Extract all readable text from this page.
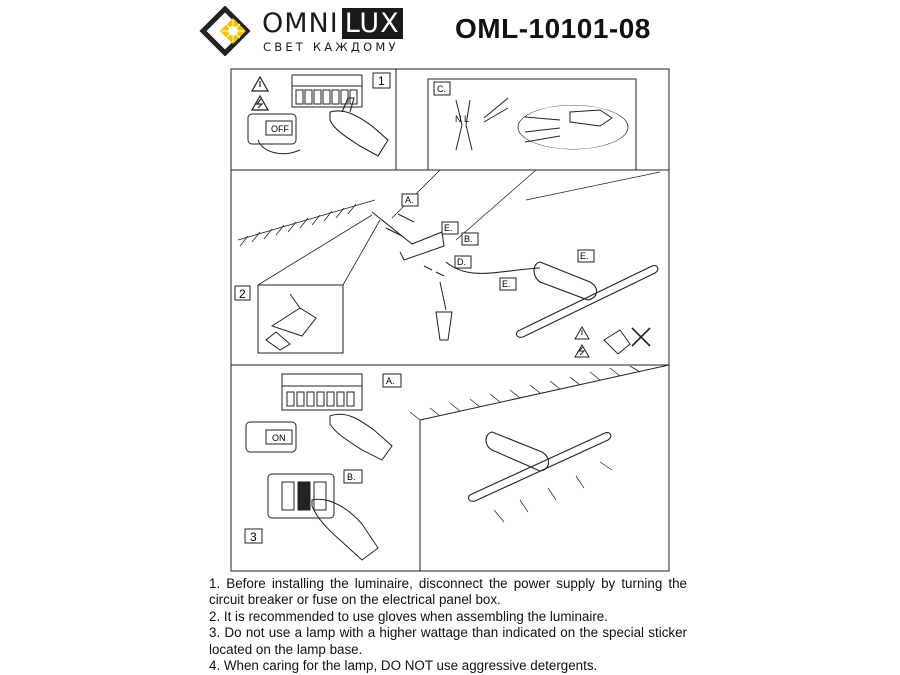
OMNI LUX
СВЕТ КАЖДОМУ
OML-10101-08
1
2
3
OFF
N L
C.
A.
E.
B.
D.
E.
E.
ON
A.
B.

1. Before installing the luminaire, disconnect the power supply by turning the circuit breaker or fuse on the electrical panel box.

2. It is recommended to use gloves when assembling the luminaire.

3. Do not use a lamp with a higher wattage than indicated on the special sticker located on the lamp base.

4. When caring for the lamp, DO NOT use aggressive detergents.
